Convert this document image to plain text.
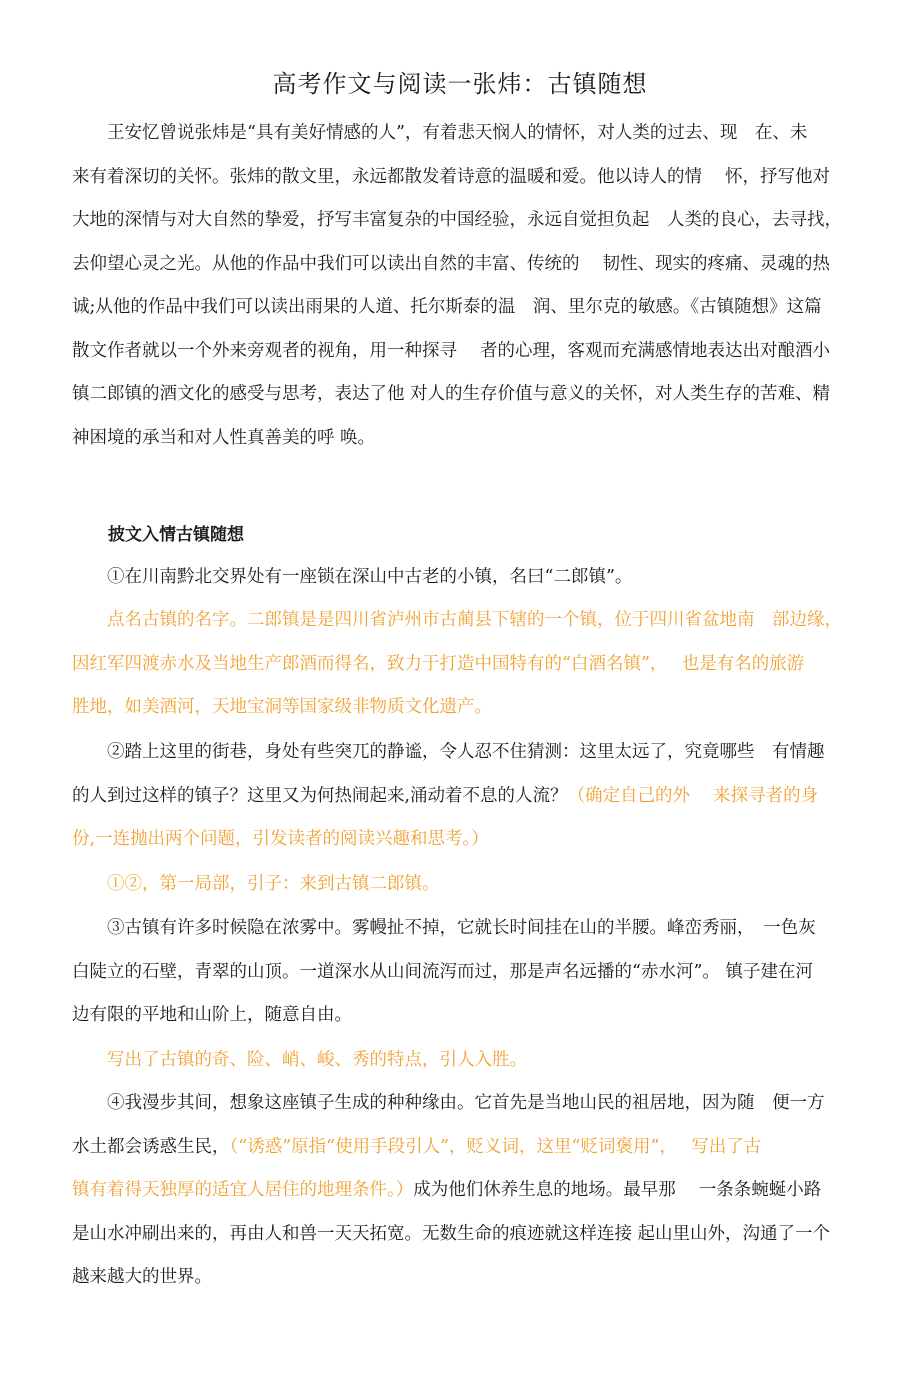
高考作文与阅读一张炜：古镇随想
　　王安忆曾说张炜是“具有美好情感的人”，有着悲天悯人的情怀，对人类的过去、现　在、未
来有着深切的关怀。张炜的散文里，永远都散发着诗意的温暖和爱。他以诗人的情　 怀，抒写他对
大地的深情与对大自然的挚爱，抒写丰富复杂的中国经验，永远自觉担负起　人类的良心，去寻找，
去仰望心灵之光。从他的作品中我们可以读出自然的丰富、传统的　 韧性、现实的疼痛、灵魂的热
诚;从他的作品中我们可以读出雨果的人道、托尔斯泰的温　润、里尔克的敏感。《古镇随想》这篇
散文作者就以一个外来旁观者的视角，用一种探寻　 者的心理，客观而充满感情地表达出对酿酒小
镇二郎镇的酒文化的感受与思考，表达了他 对人的生存价值与意义的关怀，对人类生存的苦难、精
神困境的承当和对人性真善美的呼 唤。
披文入情古镇随想
　　①在川南黔北交界处有一座锁在深山中古老的小镇，名曰“二郎镇”。
　　点名古镇的名字。二郎镇是是四川省泸州市古蔺县下辖的一个镇，位于四川省盆地南　部边缘，
因红军四渡赤水及当地生产郎酒而得名，致力于打造中国特有的“白酒名镇”，　 也是有名的旅游
胜地，如美酒河，天地宝洞等国家级非物质文化遗产。
　　②踏上这里的街巷，身处有些突兀的静谧，令人忍不住猜测：这里太远了，究竟哪些　有情趣
的人到过这样的镇子？这里又为何热闹起来,涌动着不息的人流？（确定自己的外　 来探寻者的身
份,一连抛出两个问题，引发读者的阅读兴趣和思考。）
　　①②，第一局部，引子：来到古镇二郎镇。
　　③古镇有许多时候隐在浓雾中。雾幔扯不掉，它就长时间挂在山的半腰。峰峦秀丽，　一色灰
白陡立的石壁，青翠的山顶。一道深水从山间流泻而过，那是声名远播的“赤水河”。 镇子建在河
边有限的平地和山阶上，随意自由。
　　写出了古镇的奇、险、峭、峻、秀的特点，引人入胜。
　　④我漫步其间，想象这座镇子生成的种种缘由。它首先是当地山民的祖居地，因为随　便一方
水土都会诱惑生民，（“诱惑”原指“使用手段引人”，贬义词，这里“贬词褒用”，　 写出了古
镇有着得天独厚的适宜人居住的地理条件。）成为他们休养生息的地场。最早那　 一条条蜿蜒小路
是山水冲刷出来的，再由人和兽一天天拓宽。无数生命的痕迹就这样连接 起山里山外，沟通了一个
越来越大的世界。
